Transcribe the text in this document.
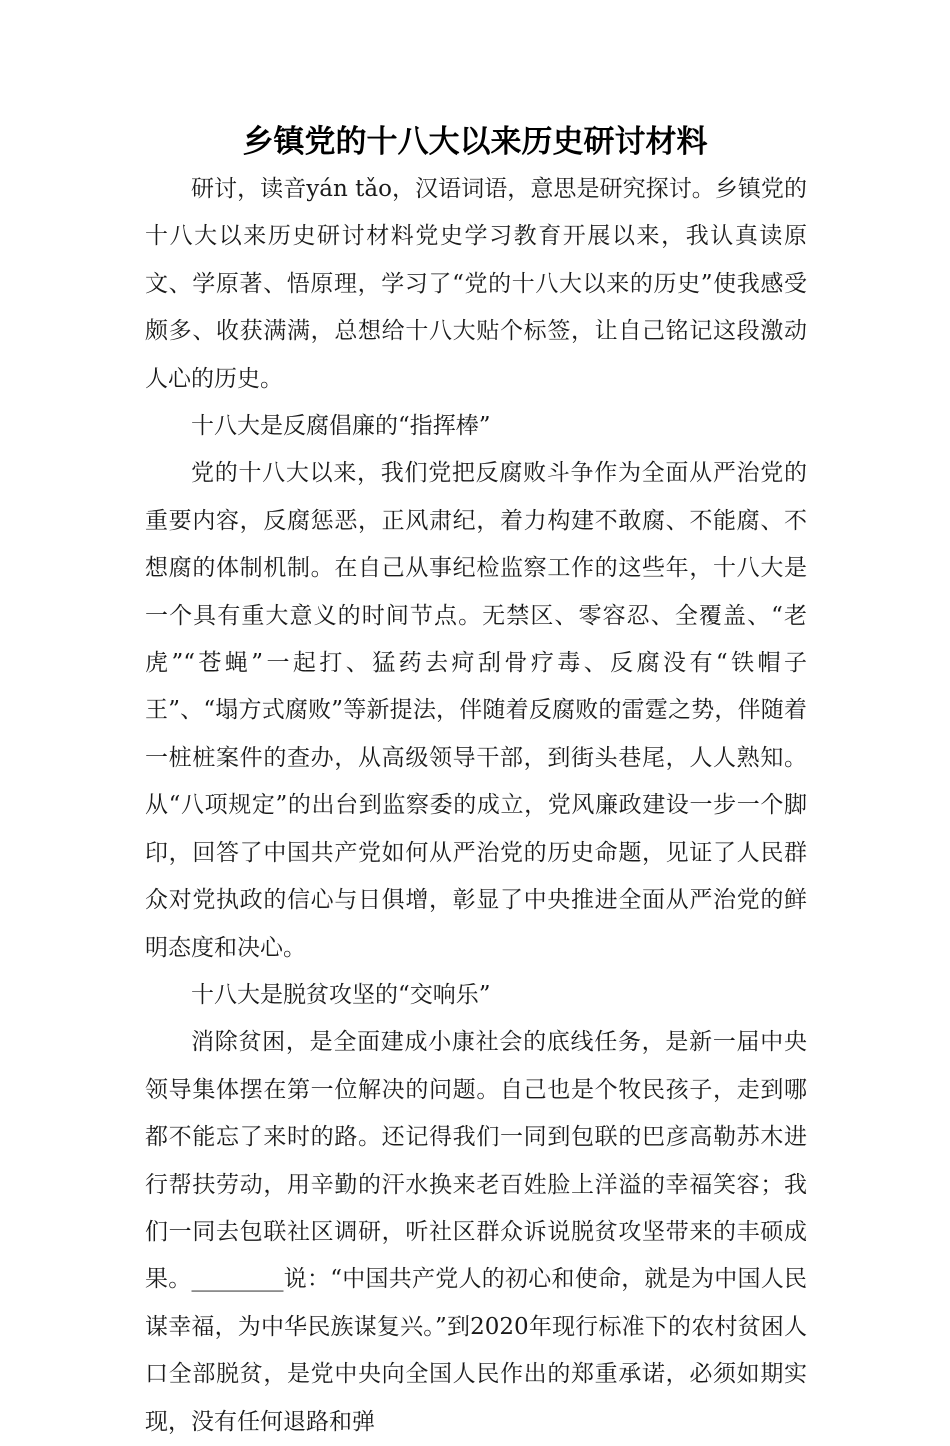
乡镇党的十八大以来历史研讨材料

研讨，读音yán tǎo，汉语词语，意思是研究探讨。乡镇党的十八大以来历史研讨材料党史学习教育开展以来，我认真读原文、学原著、悟原理，学习了“党的十八大以来的历史”使我感受颇多、收获满满，总想给十八大贴个标签，让自己铭记这段激动人心的历史。

十八大是反腐倡廉的“指挥棒”

党的十八大以来，我们党把反腐败斗争作为全面从严治党的重要内容，反腐惩恶，正风肃纪，着力构建不敢腐、不能腐、不想腐的体制机制。在自己从事纪检监察工作的这些年，十八大是一个具有重大意义的时间节点。无禁区、零容忍、全覆盖、“老虎”“苍蝇”一起打、猛药去疴刮骨疗毒、反腐没有“铁帽子王”、“塌方式腐败”等新提法，伴随着反腐败的雷霆之势，伴随着一桩桩案件的查办，从高级领导干部，到街头巷尾，人人熟知。从“八项规定”的出台到监察委的成立，党风廉政建设一步一个脚印，回答了中国共产党如何从严治党的历史命题，见证了人民群众对党执政的信心与日俱增，彰显了中央推进全面从严治党的鲜明态度和决心。

十八大是脱贫攻坚的“交响乐”

消除贫困，是全面建成小康社会的底线任务，是新一届中央领导集体摆在第一位解决的问题。自己也是个牧民孩子，走到哪都不能忘了来时的路。还记得我们一同到包联的巴彦高勒苏木进行帮扶劳动，用辛勤的汗水换来老百姓脸上洋溢的幸福笑容；我们一同去包联社区调研，听社区群众诉说脱贫攻坚带来的丰硕成果。________说：“中国共产党人的初心和使命，就是为中国人民谋幸福，为中华民族谋复兴。”到2020年现行标准下的农村贫困人口全部脱贫，是党中央向全国人民作出的郑重承诺，必须如期实现，没有任何退路和弹
